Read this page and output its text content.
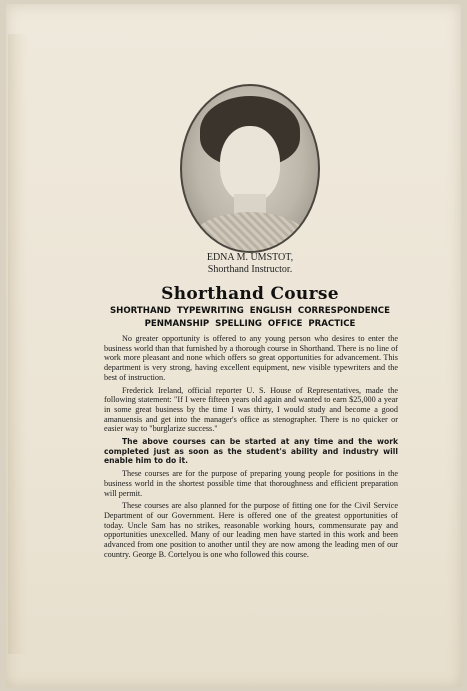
EDNA M. UMSTOT,
Shorthand Instructor.
Shorthand Course
SHORTHAND  TYPEWRITING  ENGLISH  CORRESPONDENCE
PENMANSHIP  SPELLING  OFFICE  PRACTICE

No greater opportunity is offered to any young person who desires to enter the business world than that furnished by a thorough course in Shorthand. There is no line of work more pleasant and none which offers so great opportunities for advancement. This department is very strong, having excellent equipment, new visible typewriters and the best of instruction.

Frederick Ireland, official reporter U. S. House of Representatives, made the following statement: "If I were fifteen years old again and wanted to earn $25,000 a year in some great business by the time I was thirty, I would study and become a good amanuensis and get into the manager's office as stenographer. There is no quicker or easier way to "burglarize success."

The above courses can be started at any time and the work completed just as soon as the student's ability and industry will enable him to do it.

These courses are for the purpose of preparing young people for positions in the business world in the shortest possible time that thoroughness and efficient preparation will permit.

These courses are also planned for the purpose of fitting one for the Civil Service Department of our Government. Here is offered one of the greatest opportunities of today. Uncle Sam has no strikes, reasonable working hours, commensurate pay and opportunities unexcelled. Many of our leading men have started in this work and been advanced from one position to another until they are now among the leading men of our country. George B. Cortelyou is one who followed this course.
